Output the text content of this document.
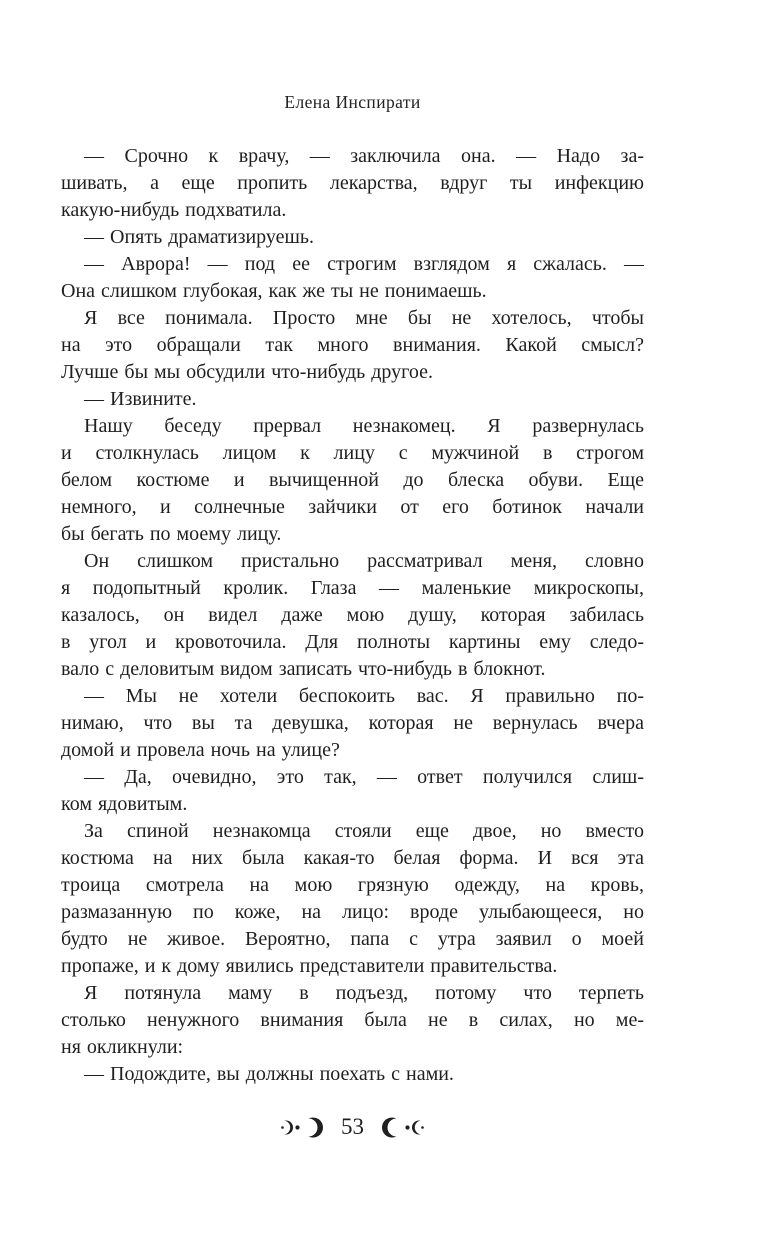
Елена Инспирати
— Срочно к врачу, — заключила она. — Надо за-
шивать, а еще пропить лекарства, вдруг ты инфекцию
какую-нибудь подхватила.
— Опять драматизируешь.
— Аврора! — под ее строгим взглядом я сжалась. —
Она слишком глубокая, как же ты не понимаешь.
Я все понимала. Просто мне бы не хотелось, чтобы
на это обращали так много внимания. Какой смысл?
Лучше бы мы обсудили что-нибудь другое.
— Извините.
Нашу беседу прервал незнакомец. Я развернулась
и столкнулась лицом к лицу с мужчиной в строгом
белом костюме и вычищенной до блеска обуви. Еще
немного, и солнечные зайчики от его ботинок начали
бы бегать по моему лицу.
Он слишком пристально рассматривал меня, словно
я подопытный кролик. Глаза — маленькие микроскопы,
казалось, он видел даже мою душу, которая забилась
в угол и кровоточила. Для полноты картины ему следо-
вало с деловитым видом записать что-нибудь в блокнот.
— Мы не хотели беспокоить вас. Я правильно по-
нимаю, что вы та девушка, которая не вернулась вчера
домой и провела ночь на улице?
— Да, очевидно, это так, — ответ получился слиш-
ком ядовитым.
За спиной незнакомца стояли еще двое, но вместо
костюма на них была какая-то белая форма. И вся эта
троица смотрела на мою грязную одежду, на кровь,
размазанную по коже, на лицо: вроде улыбающееся, но
будто не живое. Вероятно, папа с утра заявил о моей
пропаже, и к дому явились представители правительства.
Я потянула маму в подъезд, потому что терпеть
столько ненужного внимания была не в силах, но ме-
ня окликнули:
— Подождите, вы должны поехать с нами.
53
